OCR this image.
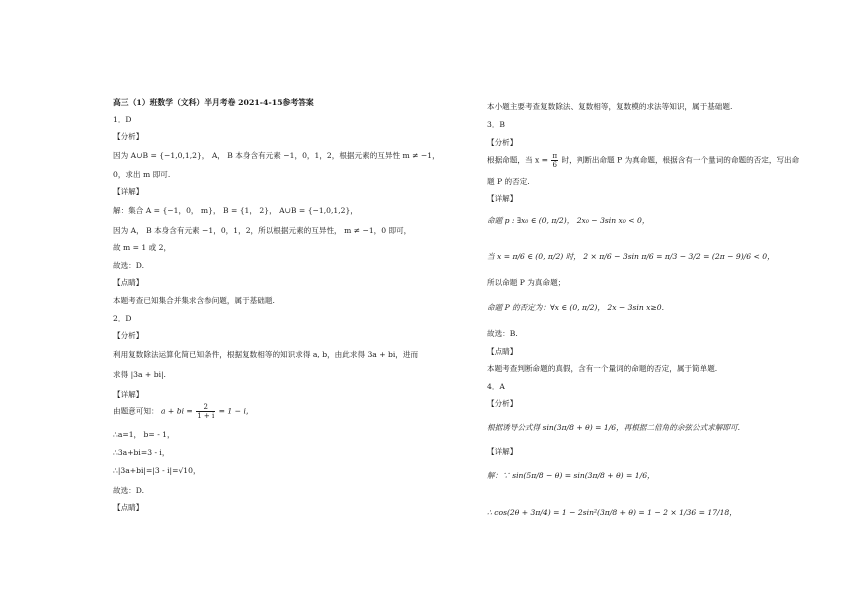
高三（1）班数学（文科）半月考卷 2021-4-15参考答案
1．D
【分析】
因为 A∪B = {−1,0,1,2}， A， B 本身含有元素 −1，0，1，2，根据元素的互异性 m ≠ −1，
0，求出 m 即可.
【详解】
解：集合 A = {−1，0， m}， B = {1， 2}， A∪B = {−1,0,1,2}，
因为 A， B 本身含有元素 −1，0，1，2，所以根据元素的互异性， m ≠ −1，0 即可，
故 m = 1 或 2，
故选：D.
【点睛】
本题考查已知集合并集求含参问题，属于基础题.
2．D
【分析】
利用复数除法运算化简已知条件，根据复数相等的知识求得 a, b，由此求得 3a + bi，进而
求得 |3a + bi|.
【详解】
由题意可知： a + bi = $\frac{2}{1 + i} = 1 - i$，
∴a=1， b= - 1，
∴3a+bi=3 - i，
∴|3a+bi|=|3 - i|=√10，
故选：D.
【点睛】
本小题主要考查复数除法、复数相等，复数模的求法等知识，属于基础题.
3．B
【分析】
根据命题，当 $x = \frac{\pi}{6}$ 时，判断出命题 P 为真命题，根据含有一个量词的命题的否定，写出命
题 P 的否定.
【详解】
命题 p : ∃x₀ ∈ (0, π/2)， 2x₀ − 3sin x₀ < 0，
当 x = π/6 ∈ (0, π/2) 时， 2 × π/6 − 3sin π/6 = π/3 − 3/2 = (2π − 9)/6 < 0，
所以命题 P 为真命题；
命题 P 的否定为：∀x ∈ (0, π/2)， 2x − 3sin x≥0.
故选：B.
【点睛】
本题考查判断命题的真假，含有一个量词的命题的否定，属于简单题.
4．A
【分析】
根据诱导公式得 sin(3π/8 + θ) = 1/6，再根据二倍角的余弦公式求解即可.
【详解】
解：∵ sin(5π/8 − θ) = sin(3π/8 + θ) = 1/6，
∴ cos(2θ + 3π/4) = 1 − 2sin²(3π/8 + θ) = 1 − 2 × 1/36 = 17/18，
